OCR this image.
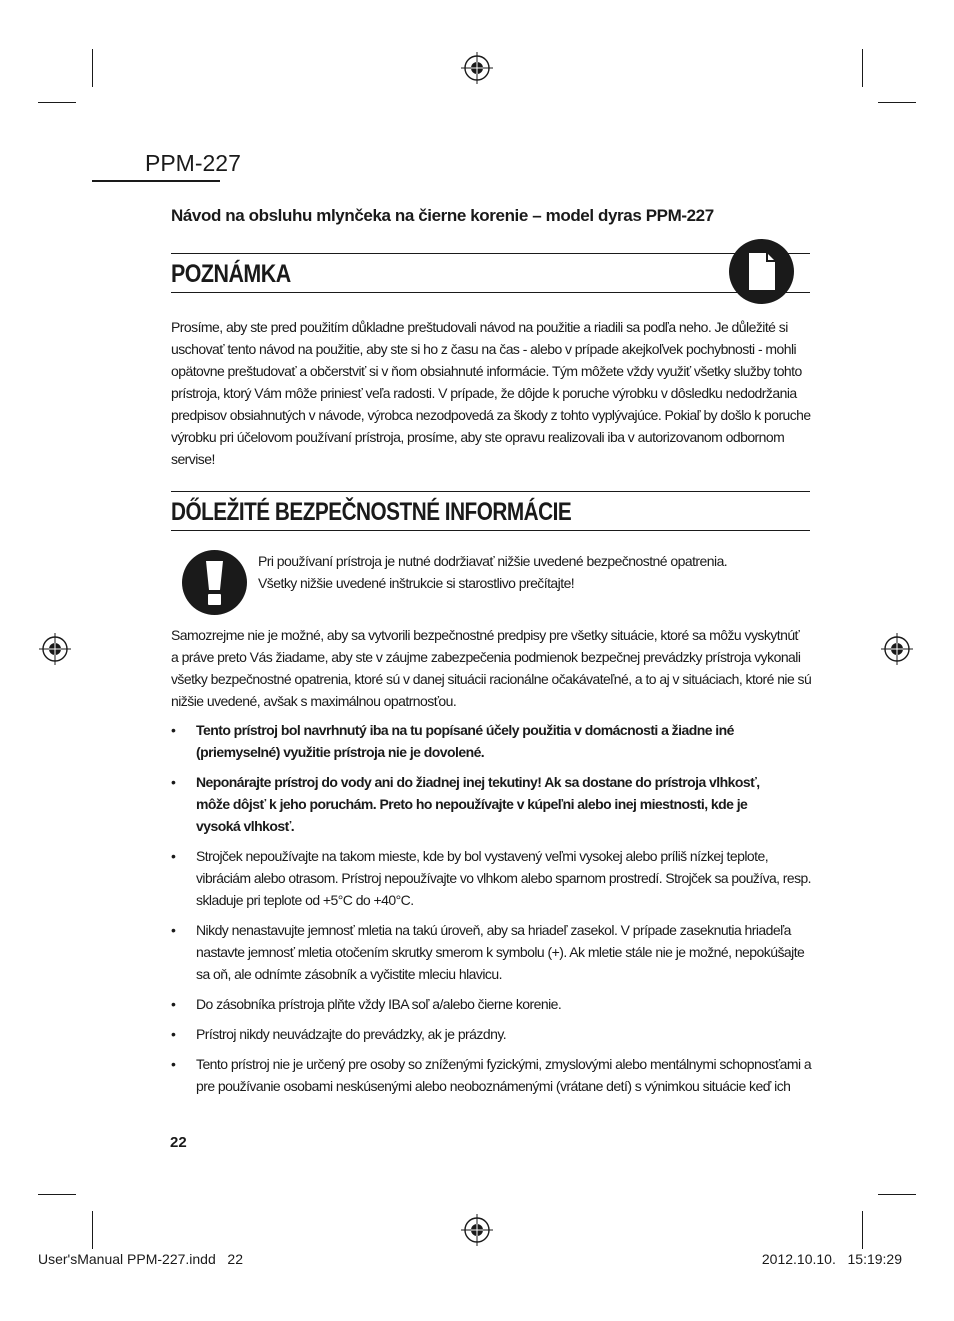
PPM-227
Návod na obsluhu mlynčeka na čierne korenie – model dyras PPM-227
POZNÁMKA
Prosíme, aby ste pred použitím důkladne preštudovali návod na použitie a riadili sa podľa neho. Je důležité si
uschovať tento návod na použitie, aby ste si ho z času na čas - alebo v prípade akejkoľvek pochybnosti - mohli
opätovne preštudovať a občerstviť si v ňom obsiahnuté informácie. Tým môžete vždy využiť všetky služby tohto
prístroja, ktorý Vám môže priniesť veľa radosti. V prípade, že dôjde k poruche výrobku v dôsledku nedodržania
predpisov obsiahnutých v návode, výrobca nezodpovedá za škody z tohto vyplývajúce. Pokiaľ by došlo k poruche
výrobku pri účelovom používaní prístroja, prosíme, aby ste opravu realizovali iba v autorizovanom odbornom
servise!
DŐLEŽITÉ BEZPEČNOSTNÉ INFORMÁCIE
Pri používaní prístroja je nutné dodržiavať nižšie uvedené bezpečnostné opatrenia.
Všetky nižšie uvedené inštrukcie si starostlivo prečítajte!
Samozrejme nie je možné, aby sa vytvorili bezpečnostné predpisy pre všetky situácie, ktoré sa môžu vyskytnúť
a práve preto Vás žiadame, aby ste v záujme zabezpečenia podmienok bezpečnej prevádzky prístroja vykonali
všetky bezpečnostné opatrenia, ktoré sú v danej situácii racionálne očakávateľné, a to aj v situáciach, ktoré nie sú
nižšie uvedené, avšak s maximálnou opatrnosťou.
• Tento prístroj bol navrhnutý iba na tu popísané účely použitia v domácnosti a žiadne iné
(priemyselné) využitie prístroja nie je dovolené.
• Neponárajte prístroj do vody ani do žiadnej inej tekutiny! Ak sa dostane do prístroja vlhkosť,
môže dôjsť k jeho poruchám. Preto ho nepoužívajte v kúpeľni alebo inej miestnosti, kde je
vysoká vlhkosť.
• Strojček nepoužívajte na takom mieste, kde by bol vystavený veľmi vysokej alebo príliš nízkej teplote,
vibráciám alebo otrasom. Prístroj nepoužívajte vo vlhkom alebo sparnom prostredí. Strojček sa používa, resp.
skladuje pri teplote od +5°C do +40°C.
• Nikdy nenastavujte jemnosť mletia na takú úroveň, aby sa hriadeľ zasekol. V prípade zaseknutia hriadeľa
nastavte jemnosť mletia otočením skrutky smerom k symbolu (+). Ak mletie stále nie je možné, nepokúšajte
sa oň, ale odnímte zásobník a vyčistite mleciu hlavicu.
• Do zásobníka prístroja plňte vždy IBA soľ a/alebo čierne korenie.
• Prístroj nikdy neuvádzajte do prevádzky, ak je prázdny.
• Tento prístroj nie je určený pre osoby so zníženými fyzickými, zmyslovými alebo mentálnymi schopnosťami a
pre používanie osobami neskúsenými alebo neoboznámenými (vrátane detí) s výnimkou situácie keď ich
22
User'sManual PPM-227.indd   22	2012.10.10.   15:19:29
